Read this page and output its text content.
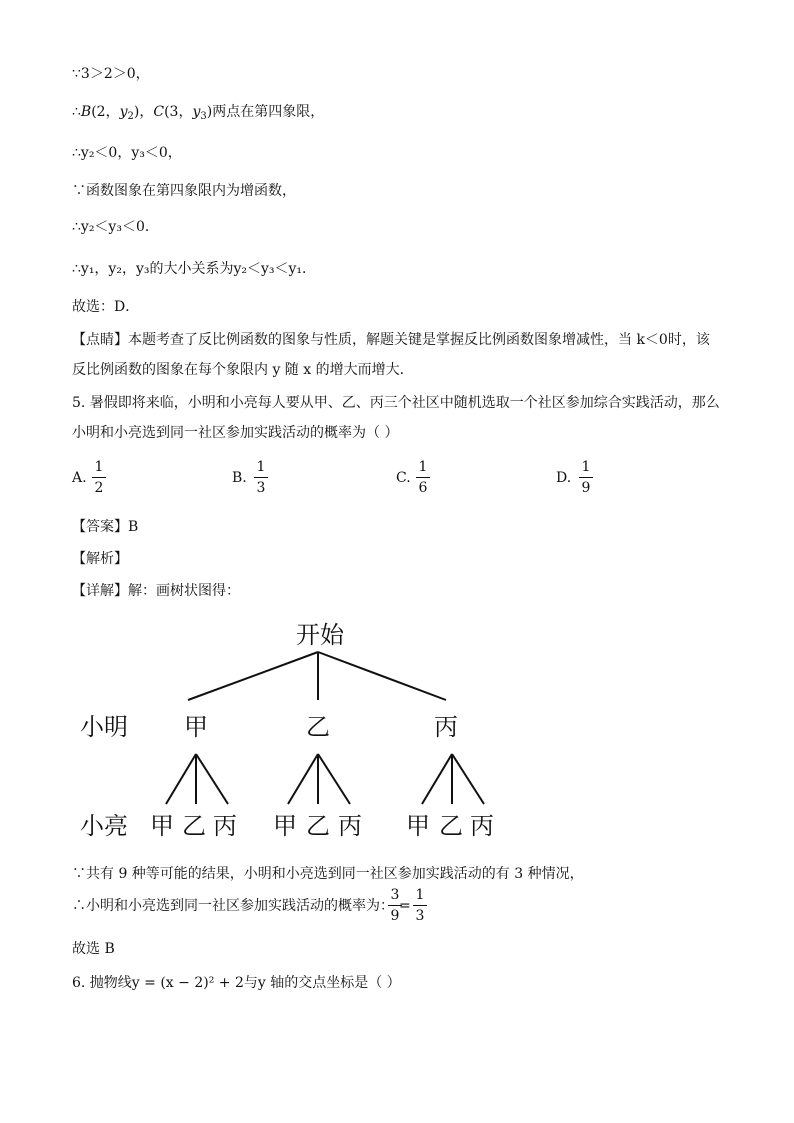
∵3＞2＞0，
∴B(2，$y_2$)，C(3，$y_3$)两点在第四象限，
∴y₂＜0，y₃＜0，
∵函数图象在第四象限内为增函数，
∴y₂＜y₃＜0．
∴y₁，y₂，y₃的大小关系为y₂＜y₃＜y₁．
故选：D．
【点睛】本题考查了反比例函数的图象与性质，解题关键是掌握反比例函数图象增减性，当 k＜0时，该
反比例函数的图象在每个象限内 y 随 x 的增大而增大．
5. 暑假即将来临，小明和小亮每人要从甲、乙、丙三个社区中随机选取一个社区参加综合实践活动，那么
小明和小亮选到同一社区参加实践活动的概率为（ ）
A.
1
2
B.
1
3
C.
1
6
D.
1
9
【答案】B
【解析】
【详解】解：画树状图得：
开始
小明 甲	乙	丙
小亮 甲 乙 丙 甲 乙 丙 甲 乙 丙
∵共有 9 种等可能的结果，小明和小亮选到同一社区参加实践活动的有 3 种情况，
∴小明和小亮选到同一社区参加实践活动的概率为：
3
9
=
1
3
故选 B
6. 抛物线y = (x − 2)² + 2与y 轴的交点坐标是（ ）
